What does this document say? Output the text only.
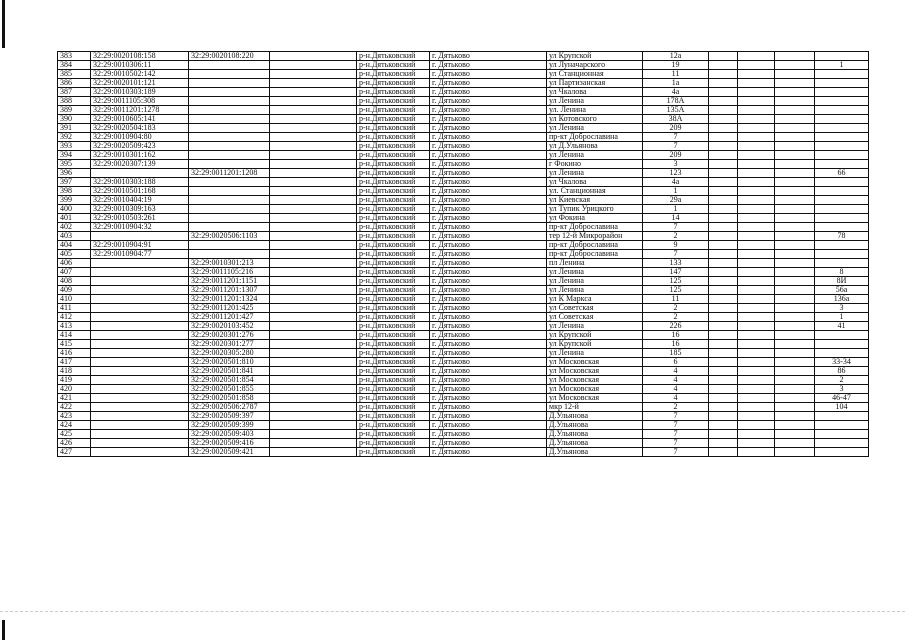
383	32:29:0020108:158	32:29:0020108:220		р-н.Дятьковский	г. Дятьково	ул Крупской	12а				
384	32:29:0010306:11			р-н.Дятьковский	г. Дятьково	ул Луначарского	19				1
385	32:29:0010502:142			р-н.Дятьковский	г. Дятьково	ул Станционная	11				
386	32:29:0020101:121			р-н.Дятьковский	г. Дятьково	ул Партизанская	1а				
387	32:29:0010303:189			р-н.Дятьковский	г. Дятьково	ул Чкалова	4а				
388	32:29:0011105:308			р-н.Дятьковский	г. Дятьково	ул Ленина	178А				
389	32:29:0011201:1278			р-н.Дятьковский	г. Дятьково	ул. Ленина	135А				
390	32:29:0010605:141			р-н.Дятьковский	г. Дятьково	ул Котовского	38А				
391	32:29:0020504:183			р-н.Дятьковский	г. Дятьково	ул Ленина	209				
392	32:29:0010904:80			р-н.Дятьковский	г. Дятьково	пр-кт Доброславина	7				
393	32:29:0020509:423			р-н.Дятьковский	г. Дятьково	ул Д.Ульянова	7				
394	32:29:0010301:162			р-н.Дятьковский	г. Дятьково	ул Ленина	209				
395	32:29:0020307:139			р-н.Дятьковский	г. Дятьково	г Фокино	3				
396		32:29:0011201:1208		р-н.Дятьковский	г. Дятьково	ул Ленина	123				66
397	32:29:0010303:188			р-н.Дятьковский	г. Дятьково	ул Чкалова	4а				
398	32:29:0010501:168			р-н.Дятьковский	г. Дятьково	ул. Станционная	1				
399	32:29:0010404:19			р-н.Дятьковский	г. Дятьково	ул Киевская	29а				
400	32:29:0010309:163			р-н.Дятьковский	г. Дятьково	ул Тупик Урицкого	1				
401	32:29:0010503:261			р-н.Дятьковский	г. Дятьково	ул Фокина	14				
402	32:29:0010904:32			р-н.Дятьковский	г. Дятьково	пр-кт Доброславина	7				
403		32:29:0020506:1103		р-н.Дятьковский	г. Дятьково	тер 12-й Микрорайон	2				78
404	32:29:0010904:91			р-н.Дятьковский	г. Дятьково	пр-кт Доброславина	9				
405	32:29:0010904:77			р-н.Дятьковский	г. Дятьково	пр-кт Доброславина	7				
406		32:29:0010301:213		р-н.Дятьковский	г. Дятьково	пл Ленина	133				
407		32:29:0011105:216		р-н.Дятьковский	г. Дятьково	ул Ленина	147				8
408		32:29:0011201:1151		р-н.Дятьковский	г. Дятьково	ул Ленина	125				8И
409		32:29:0011201:1307		р-н.Дятьковский	г. Дятьково	ул Ленина	125				56а
410		32:29:0011201:1324		р-н.Дятьковский	г. Дятьково	ул К Маркса	11				136а
411		32:29:0011201:425		р-н.Дятьковский	г. Дятьково	ул Советская	2				3
412		32:29:0011201:427		р-н.Дятьковский	г. Дятьково	ул Советская	2				1
413		32:29:0020103:452		р-н.Дятьковский	г. Дятьково	ул Ленина	226				41
414		32:29:0020301:276		р-н.Дятьковский	г. Дятьково	ул Крупской	16				
415		32:29:0020301:277		р-н.Дятьковский	г. Дятьково	ул Крупской	16				
416		32:29:0020305:280		р-н.Дятьковский	г. Дятьково	ул Ленина	185				
417		32:29:0020501:810		р-н.Дятьковский	г. Дятьково	ул Московская	6				33-34
418		32:29:0020501:841		р-н.Дятьковский	г. Дятьково	ул Московская	4				86
419		32:29:0020501:854		р-н.Дятьковский	г. Дятьково	ул Московская	4				2
420		32:29:0020501:855		р-н.Дятьковский	г. Дятьково	ул Московская	4				3
421		32:29:0020501:858		р-н.Дятьковский	г. Дятьково	ул Московская	4				46-47
422		32:29:0020506:2787		р-н.Дятьковский	г. Дятьково	мкр 12-й	2				104
423		32:29:0020509:397		р-н.Дятьковский	г. Дятьково	Д.Ульянова	7				
424		32:29:0020509:399		р-н.Дятьковский	г. Дятьково	Д.Ульянова	7				
425		32:29:0020509:403		р-н.Дятьковский	г. Дятьково	Д.Ульянова	7				
426		32:29:0020509:416		р-н.Дятьковский	г. Дятьково	Д.Ульянова	7				
427		32:29:0020509:421		р-н.Дятьковский	г. Дятьково	Д.Ульянова	7				
